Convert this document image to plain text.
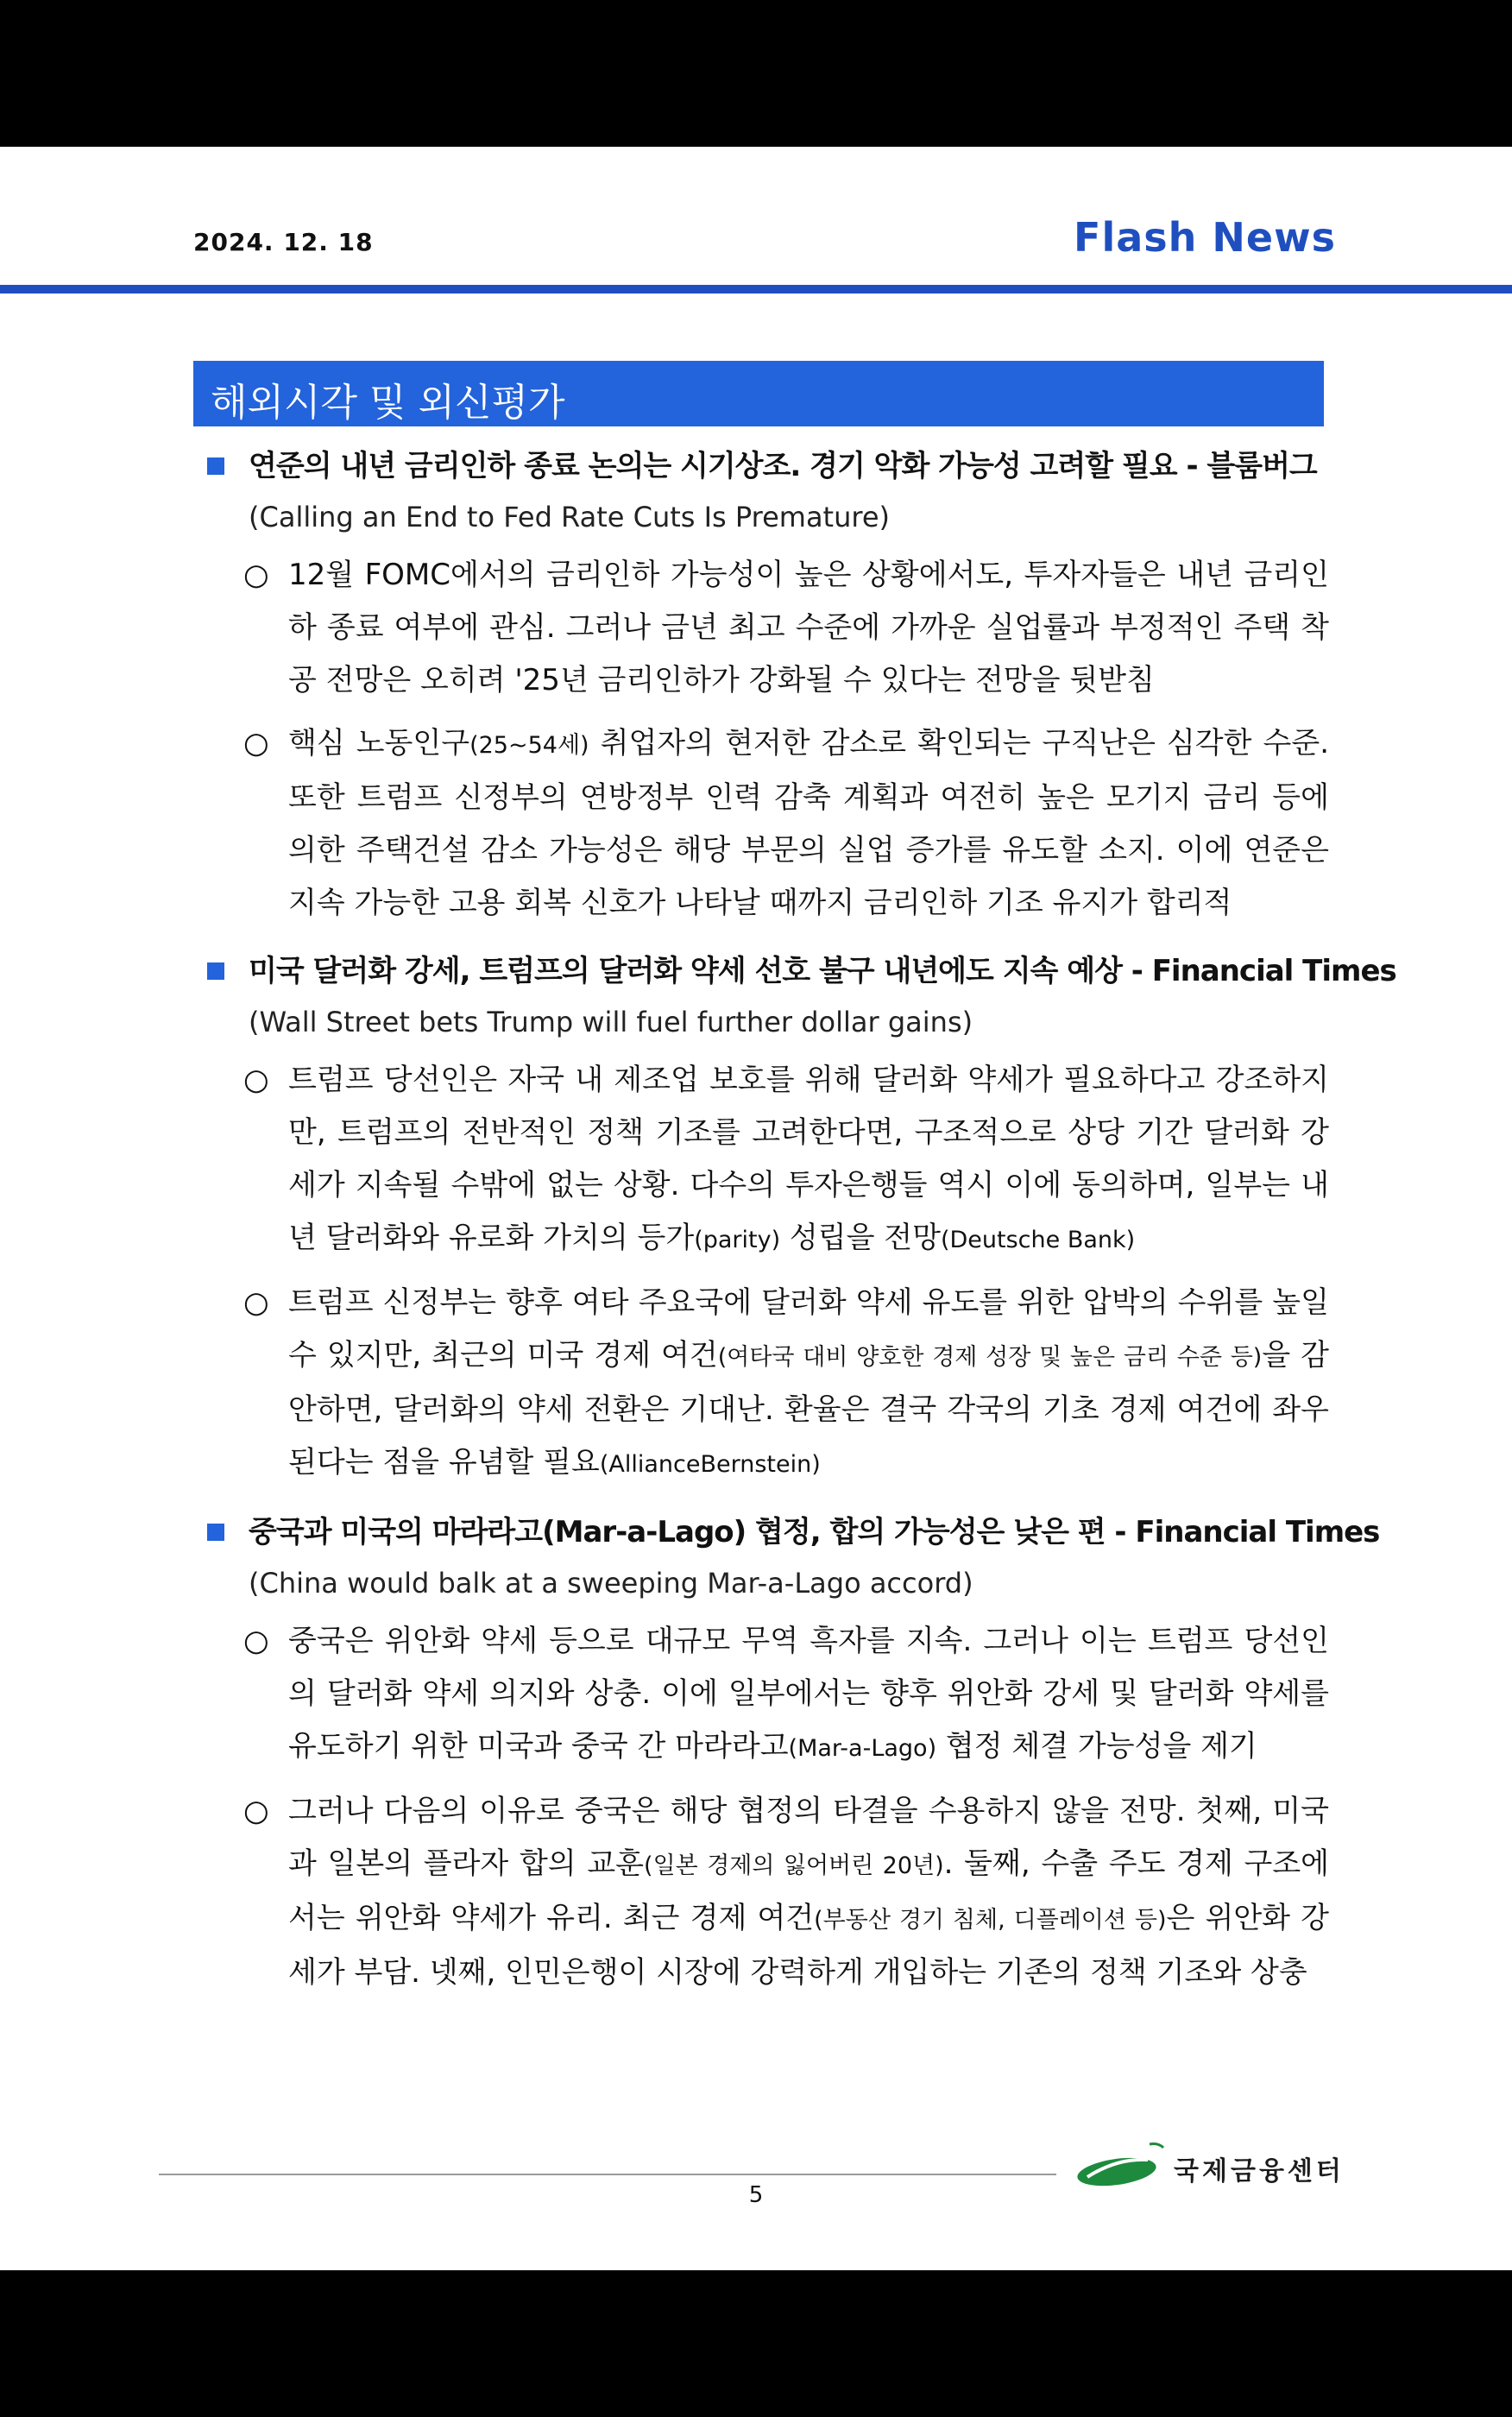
2024. 12. 18	Flash News
해외시각 및 외신평가
연준의 내년 금리인하 종료 논의는 시기상조. 경기 악화 가능성 고려할 필요 - 블룸버그
(Calling an End to Fed Rate Cuts Is Premature)
○ 12월 FOMC에서의 금리인하 가능성이 높은 상황에서도, 투자자들은 내년 금리인하 종료 여부에 관심. 그러나 금년 최고 수준에 가까운 실업률과 부정적인 주택 착공 전망은 오히려 '25년 금리인하가 강화될 수 있다는 전망을 뒷받침
○ 핵심 노동인구(25~54세) 취업자의 현저한 감소로 확인되는 구직난은 심각한 수준. 또한 트럼프 신정부의 연방정부 인력 감축 계획과 여전히 높은 모기지 금리 등에 의한 주택건설 감소 가능성은 해당 부문의 실업 증가를 유도할 소지. 이에 연준은 지속 가능한 고용 회복 신호가 나타날 때까지 금리인하 기조 유지가 합리적
미국 달러화 강세, 트럼프의 달러화 약세 선호 불구 내년에도 지속 예상 - Financial Times
(Wall Street bets Trump will fuel further dollar gains)
○ 트럼프 당선인은 자국 내 제조업 보호를 위해 달러화 약세가 필요하다고 강조하지만, 트럼프의 전반적인 정책 기조를 고려한다면, 구조적으로 상당 기간 달러화 강세가 지속될 수밖에 없는 상황. 다수의 투자은행들 역시 이에 동의하며, 일부는 내년 달러화와 유로화 가치의 등가(parity) 성립을 전망(Deutsche Bank)
○ 트럼프 신정부는 향후 여타 주요국에 달러화 약세 유도를 위한 압박의 수위를 높일 수 있지만, 최근의 미국 경제 여건(여타국 대비 양호한 경제 성장 및 높은 금리 수준 등)을 감안하면, 달러화의 약세 전환은 기대난. 환율은 결국 각국의 기초 경제 여건에 좌우된다는 점을 유념할 필요(AllianceBernstein)
중국과 미국의 마라라고(Mar-a-Lago) 협정, 합의 가능성은 낮은 편 - Financial Times
(China would balk at a sweeping Mar-a-Lago accord)
○ 중국은 위안화 약세 등으로 대규모 무역 흑자를 지속. 그러나 이는 트럼프 당선인의 달러화 약세 의지와 상충. 이에 일부에서는 향후 위안화 강세 및 달러화 약세를 유도하기 위한 미국과 중국 간 마라라고(Mar-a-Lago) 협정 체결 가능성을 제기
○ 그러나 다음의 이유로 중국은 해당 협정의 타결을 수용하지 않을 전망. 첫째, 미국과 일본의 플라자 합의 교훈(일본 경제의 잃어버린 20년). 둘째, 수출 주도 경제 구조에서는 위안화 약세가 유리. 최근 경제 여건(부동산 경기 침체, 디플레이션 등)은 위안화 강세가 부담. 넷째, 인민은행이 시장에 강력하게 개입하는 기존의 정책 기조와 상충
국제금융센터
5
